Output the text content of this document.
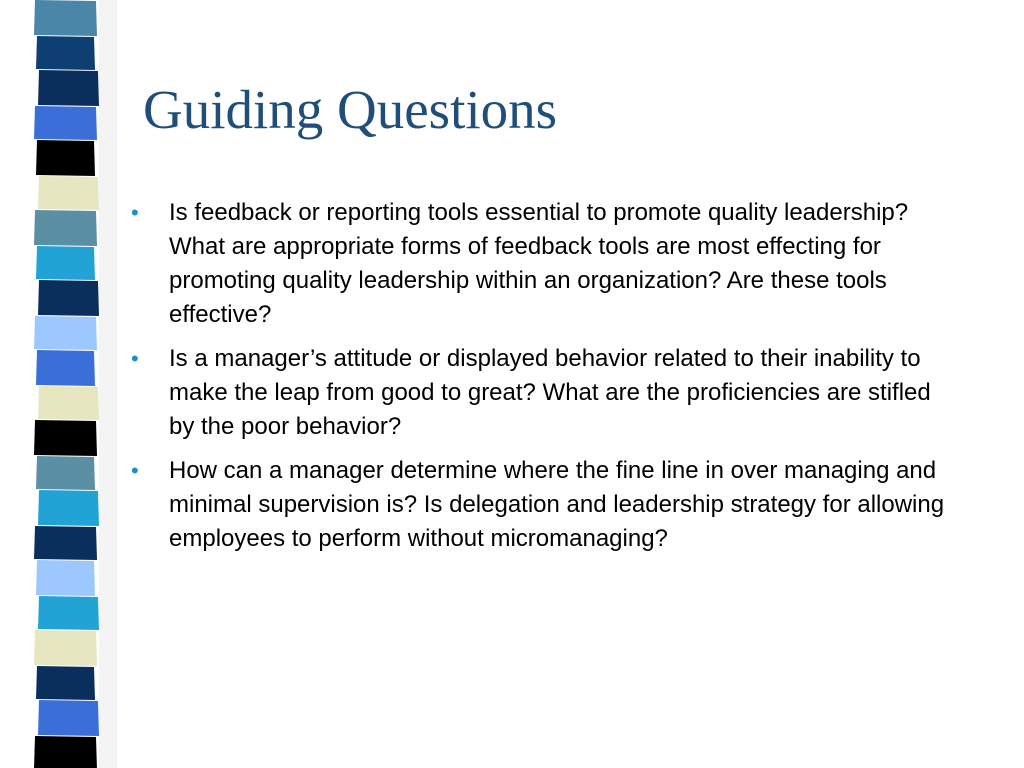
Guiding Questions
•	Is feedback or reporting tools essential to promote quality leadership? What are appropriate forms of feedback tools are most effecting for promoting quality leadership within an organization? Are these tools effective?
•	Is a manager’s attitude or displayed behavior related to their inability to make the leap from good to great? What are the proficiencies are stifled by the poor behavior?
•	How can a manager determine where the fine line in over managing and minimal supervision is? Is delegation and leadership strategy for allowing employees to perform without micromanaging?
